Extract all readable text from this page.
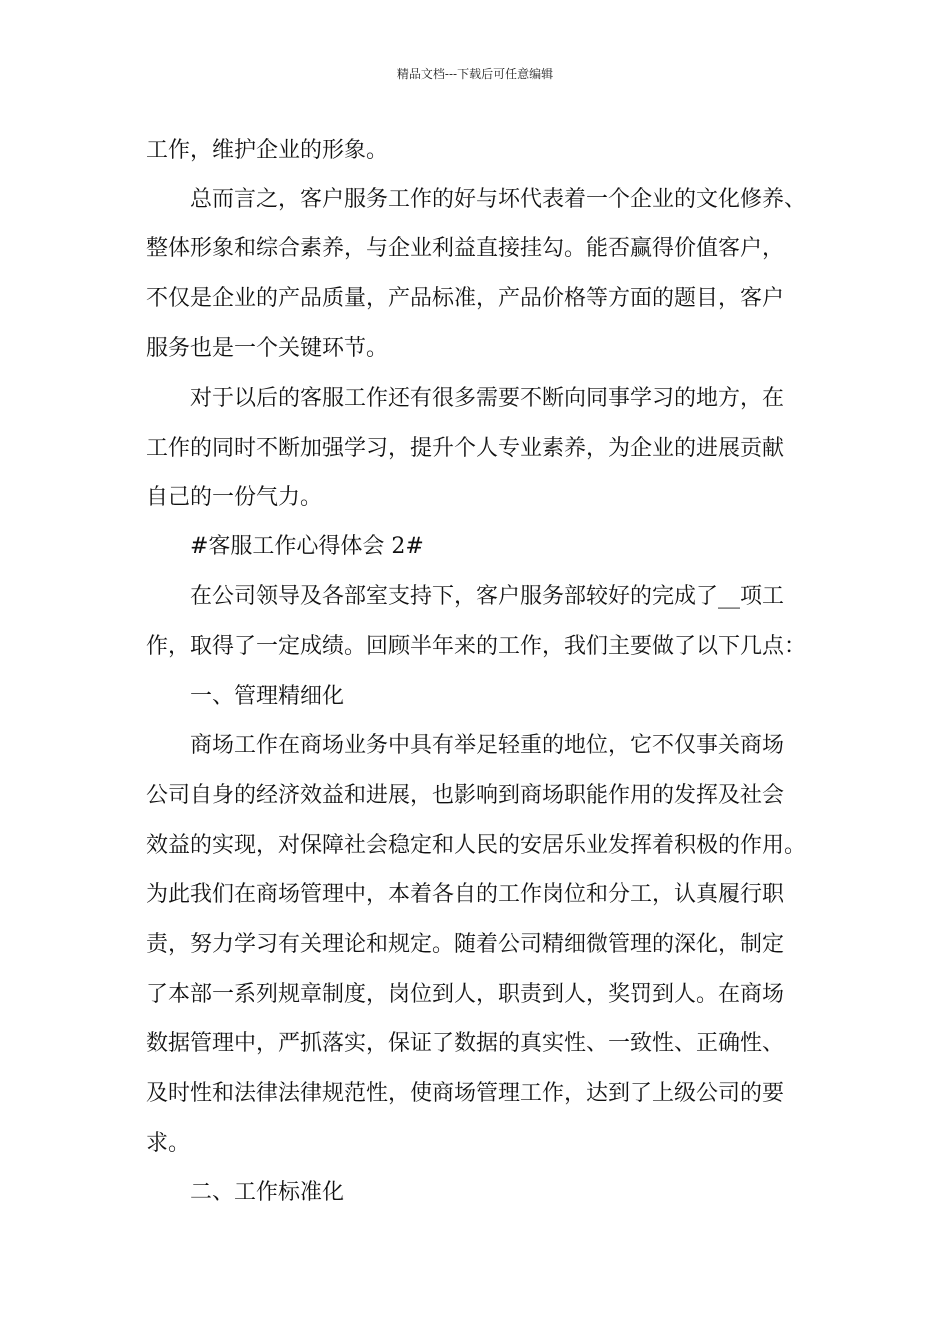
精品文档---下载后可任意编辑
工作，维护企业的形象。
总而言之，客户服务工作的好与坏代表着一个企业的文化修养、
整体形象和综合素养，与企业利益直接挂勾。能否赢得价值客户，
不仅是企业的产品质量，产品标准，产品价格等方面的题目，客户
服务也是一个关键环节。
对于以后的客服工作还有很多需要不断向同事学习的地方，在
工作的同时不断加强学习，提升个人专业素养，为企业的进展贡献
自己的一份气力。
#客服工作心得体会 2#
在公司领导及各部室支持下，客户服务部较好的完成了__项工
作，取得了一定成绩。回顾半年来的工作，我们主要做了以下几点：
一、管理精细化
商场工作在商场业务中具有举足轻重的地位，它不仅事关商场
公司自身的经济效益和进展，也影响到商场职能作用的发挥及社会
效益的实现，对保障社会稳定和人民的安居乐业发挥着积极的作用。
为此我们在商场管理中，本着各自的工作岗位和分工，认真履行职
责，努力学习有关理论和规定。随着公司精细微管理的深化，制定
了本部一系列规章制度，岗位到人，职责到人，奖罚到人。在商场
数据管理中，严抓落实，保证了数据的真实性、一致性、正确性、
及时性和法律法律规范性，使商场管理工作，达到了上级公司的要
求。
二、工作标准化
